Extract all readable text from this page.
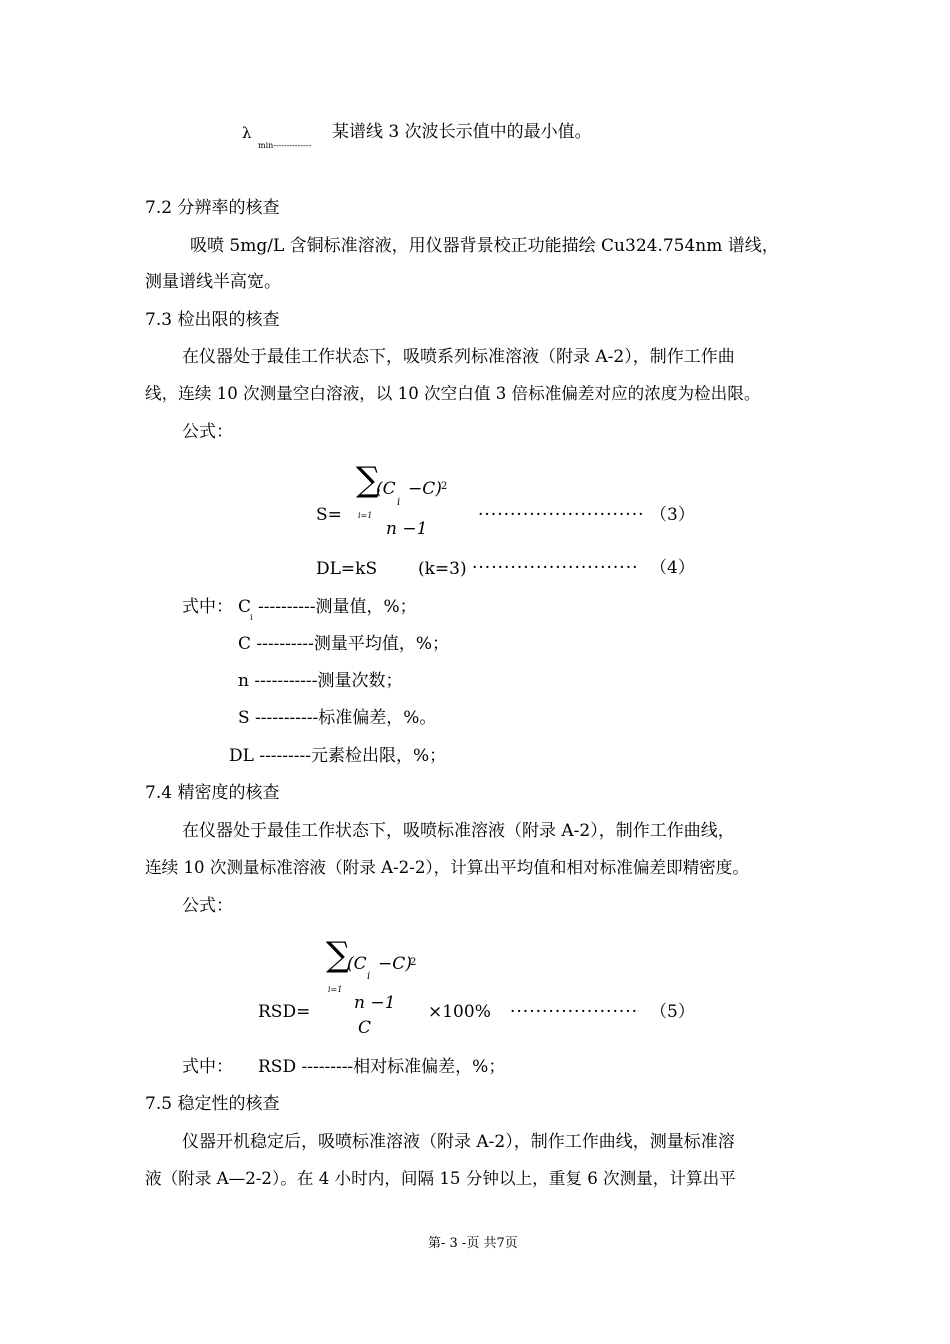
λ
min--------------
某谱线 3 次波长示值中的最小值。
7.2 分辨率的核查
吸喷 5mg/L 含铜标准溶液，用仪器背景校正功能描绘 Cu324.754nm 谱线，
测量谱线半高宽。
7.3 检出限的核查
在仪器处于最佳工作状态下，吸喷系列标准溶液（附录 A-2），制作工作曲
线，连续 10 次测量空白溶液，以 10 次空白值 3 倍标准偏差对应的浓度为检出限。
公式：
∑
(C
i
−C) 2
S= i=1
n −1
·························· （3）
DL=kS (k=3) ·························· （4）
式中： C
i
----------测量值，%；
C ----------测量平均值，%；
n -----------测量次数；
S -----------标准偏差，%。
DL ---------元素检出限，%；
7.4 精密度的核查
在仪器处于最佳工作状态下，吸喷标准溶液（附录 A-2），制作工作曲线，
连续 10 次测量标准溶液（附录 A-2-2），计算出平均值和相对标准偏差即精密度。
公式：
∑
(C
i
−C)
2
i=1
n −1
RSD=	×100%
C
···················· （5）
式中： RSD ---------相对标准偏差，%；
7.5 稳定性的核查
仪器开机稳定后，吸喷标准溶液（附录 A-2），制作工作曲线，测量标准溶
液（附录 A—2-2）。在 4 小时内，间隔 15 分钟以上，重复 6 次测量，计算出平
第- 3 -页 共7页
